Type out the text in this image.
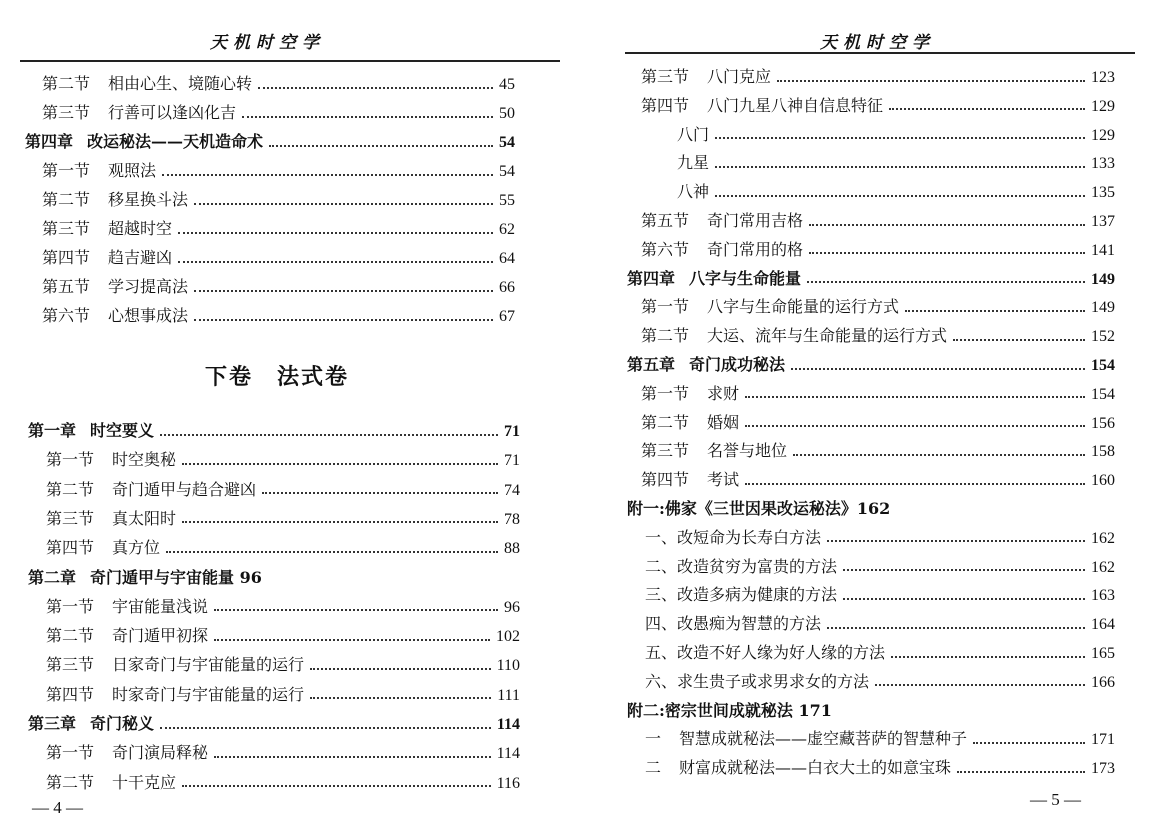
天机时空学
第二节 相由心生、境随心转	45
第三节 行善可以逢凶化吉	50
第四章 改运秘法——天机造命术	54
第一节 观照法	54
第二节 移星换斗法	55
第三节 超越时空	62
第四节 趋吉避凶	64
第五节 学习提高法	66
第六节 心想事成法	67
第一章 时空要义	71
第一节 时空奥秘	71
第二节 奇门遁甲与趋合避凶	74
第三节 真太阳时	78
第四节 真方位	88
第二章 奇门遁甲与宇宙能量 96
第一节 宇宙能量浅说	96
第二节 奇门遁甲初探	102
第三节 日家奇门与宇宙能量的运行	110
第四节 时家奇门与宇宙能量的运行	111
第三章 奇门秘义	114
第一节 奇门演局释秘	114
第二节 十干克应	116
下卷　法式卷
— 4 —
天机时空学
第三节 八门克应	123
第四节 八门九星八神自信息特征	129
八门	129
九星	133
八神	135
第五节 奇门常用吉格	137
第六节 奇门常用的格	141
第四章 八字与生命能量	149
第一节 八字与生命能量的运行方式	149
第二节 大运、流年与生命能量的运行方式	152
第五章 奇门成功秘法	154
第一节 求财	154
第二节 婚姻	156
第三节 名誉与地位	158
第四节 考试	160
附一:佛家《三世因果改运秘法》162
一、改短命为长寿白方法	162
二、改造贫穷为富贵的方法	162
三、改造多病为健康的方法	163
四、改愚痴为智慧的方法	164
五、改造不好人缘为好人缘的方法	165
六、求生贵子或求男求女的方法	166
附二:密宗世间成就秘法 171
一 智慧成就秘法——虚空藏菩萨的智慧种子	171
二 财富成就秘法——白衣大土的如意宝珠	173
— 5 —
